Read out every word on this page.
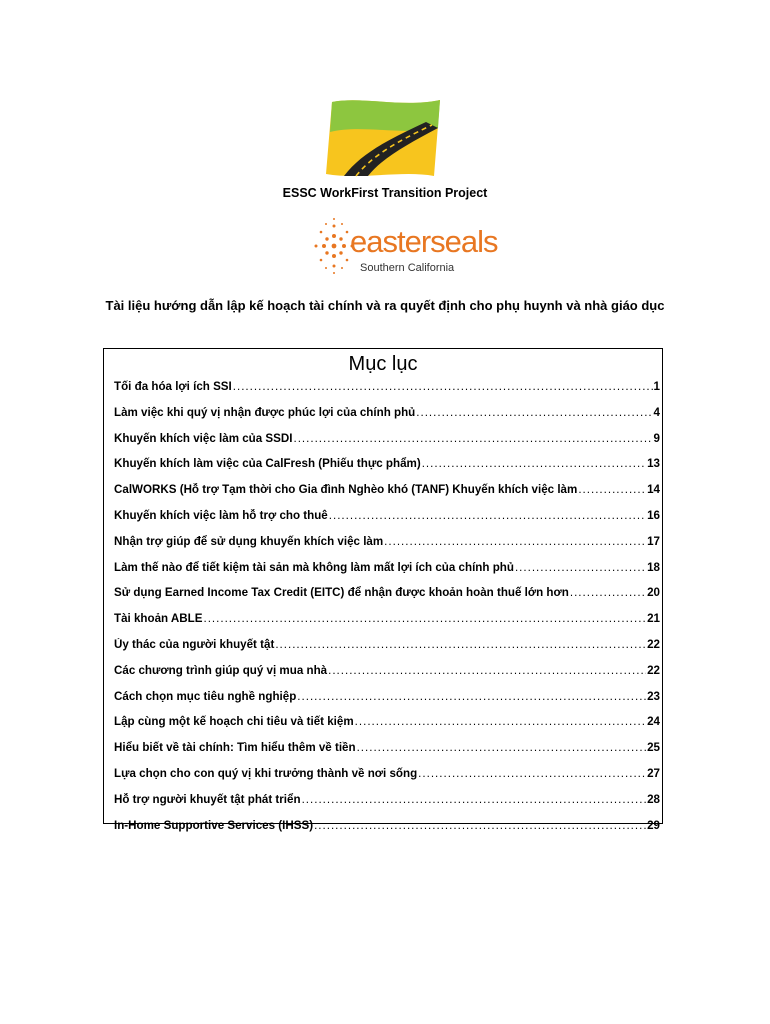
ESSC WorkFirst Transition Project
easterseals
Southern California
Tài liệu hướng dẫn lập kế hoạch tài chính và ra quyết định cho phụ huynh và nhà giáo dục
Mục lục
Tối đa hóa lợi ích SSI .....	1
Làm việc khi quý vị nhận được phúc lợi của chính phủ .....	4
Khuyến khích việc làm của SSDI .....	9
Khuyến khích làm việc của CalFresh (Phiếu thực phẩm) .....	13
CalWORKS (Hỗ trợ Tạm thời cho Gia đình Nghèo khó (TANF) Khuyến khích việc làm .....	14
Khuyến khích việc làm hỗ trợ cho thuê .....	16
Nhận trợ giúp để sử dụng khuyến khích việc làm .....	17
Làm thế nào để tiết kiệm tài sản mà không làm mất lợi ích của chính phủ .....	18
Sử dụng Earned Income Tax Credit (EITC) để nhận được khoản hoàn thuế lớn hơn .....	20
Tài khoản ABLE .....	21
Ủy thác của người khuyết tật .....	22
Các chương trình giúp quý vị mua nhà .....	22
Cách chọn mục tiêu nghề nghiệp .....	23
Lập cùng một kế hoạch chi tiêu và tiết kiệm .....	24
Hiểu biết về tài chính: Tìm hiểu thêm về tiền .....	25
Lựa chọn cho con quý vị khi trưởng thành về nơi sống .....	27
Hỗ trợ người khuyết tật phát triển .....	28
In-Home Supportive Services (IHSS) .....	29
